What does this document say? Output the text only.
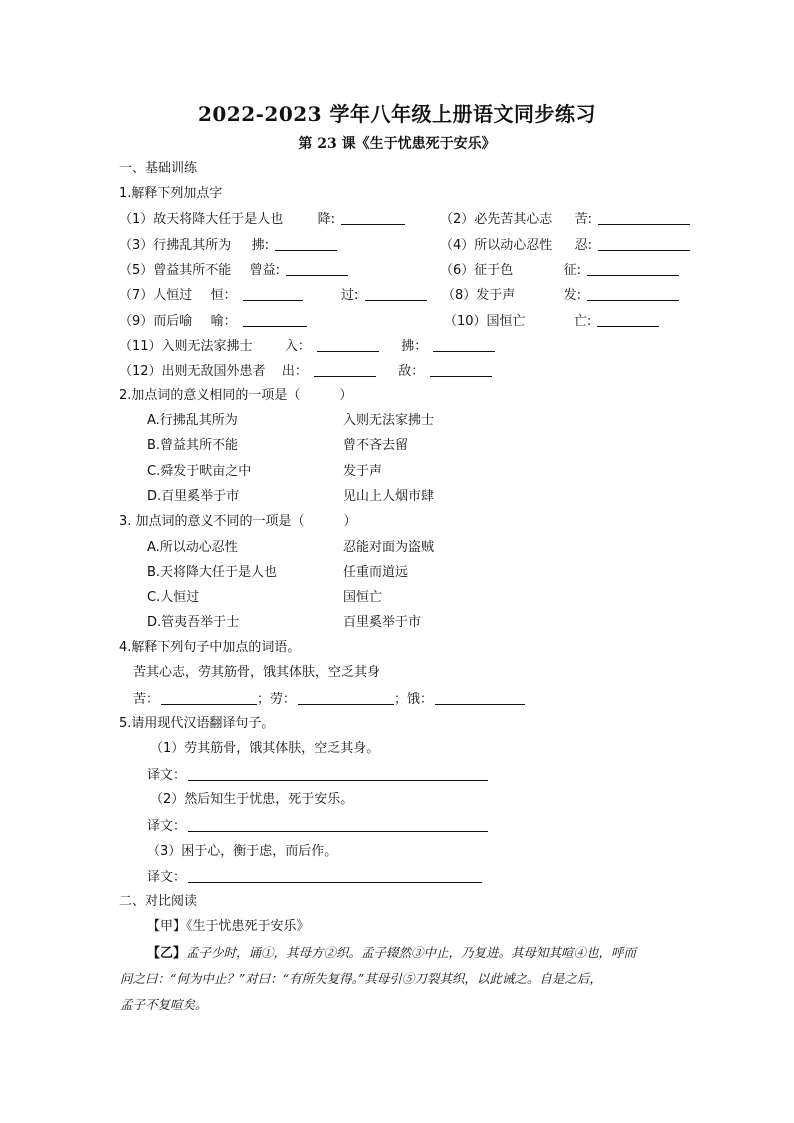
2022-2023 学年八年级上册语文同步练习
第 23 课《生于忧患死于安乐》
一、基础训练
1.解释下列加点字
（1）故天将降大任于是人也	降:	（2）必先苦其心志 苦:
（3）行拂乱其所为 拂:	（4）所以动心忍性 忍:
（5）曾益其所不能 曾益:	（6）征于色	征:
（7）人恒过 恒：	过:	（8）发于声	发:
（9）而后喻 喻：	（10）国恒亡	亡:
（11）入则无法家拂士 入：	拂：
（12）出则无敌国外患者 出：	敌：
2.加点词的意义相同的一项是（　　　）
A.行拂乱其所为	入则无法家拂士
B.曾益其所不能	曾不吝去留
C.舜发于畎亩之中	发于声
D.百里奚举于市	见山上人烟市肆
3. 加点词的意义不同的一项是（　　　）
A.所以动心忍性	忍能对面为盗贼
B.天将降大任于是人也	任重而道远
C.人恒过	国恒亡
D.管夷吾举于士	百里奚举于市
4.解释下列句子中加点的词语。
苦其心志，劳其筋骨，饿其体肤，空乏其身
苦：	；劳：	；饿：
5.请用现代汉语翻译句子。
（1）劳其筋骨，饿其体肤，空乏其身。
译文：
（2）然后知生于忧患，死于安乐。
译文：
（3）困于心，衡于虑，而后作。
译文：
二、对比阅读
【甲】《生于忧患死于安乐》
【乙】孟子少时，诵①，其母方②织。孟子辍然③中止，乃复进。其母知其喧④也，呼而
问之曰：“何为中止？”对曰：“有所失复得。”其母引⑤刀裂其织，以此诫之。自是之后，
孟子不复喧矣。
